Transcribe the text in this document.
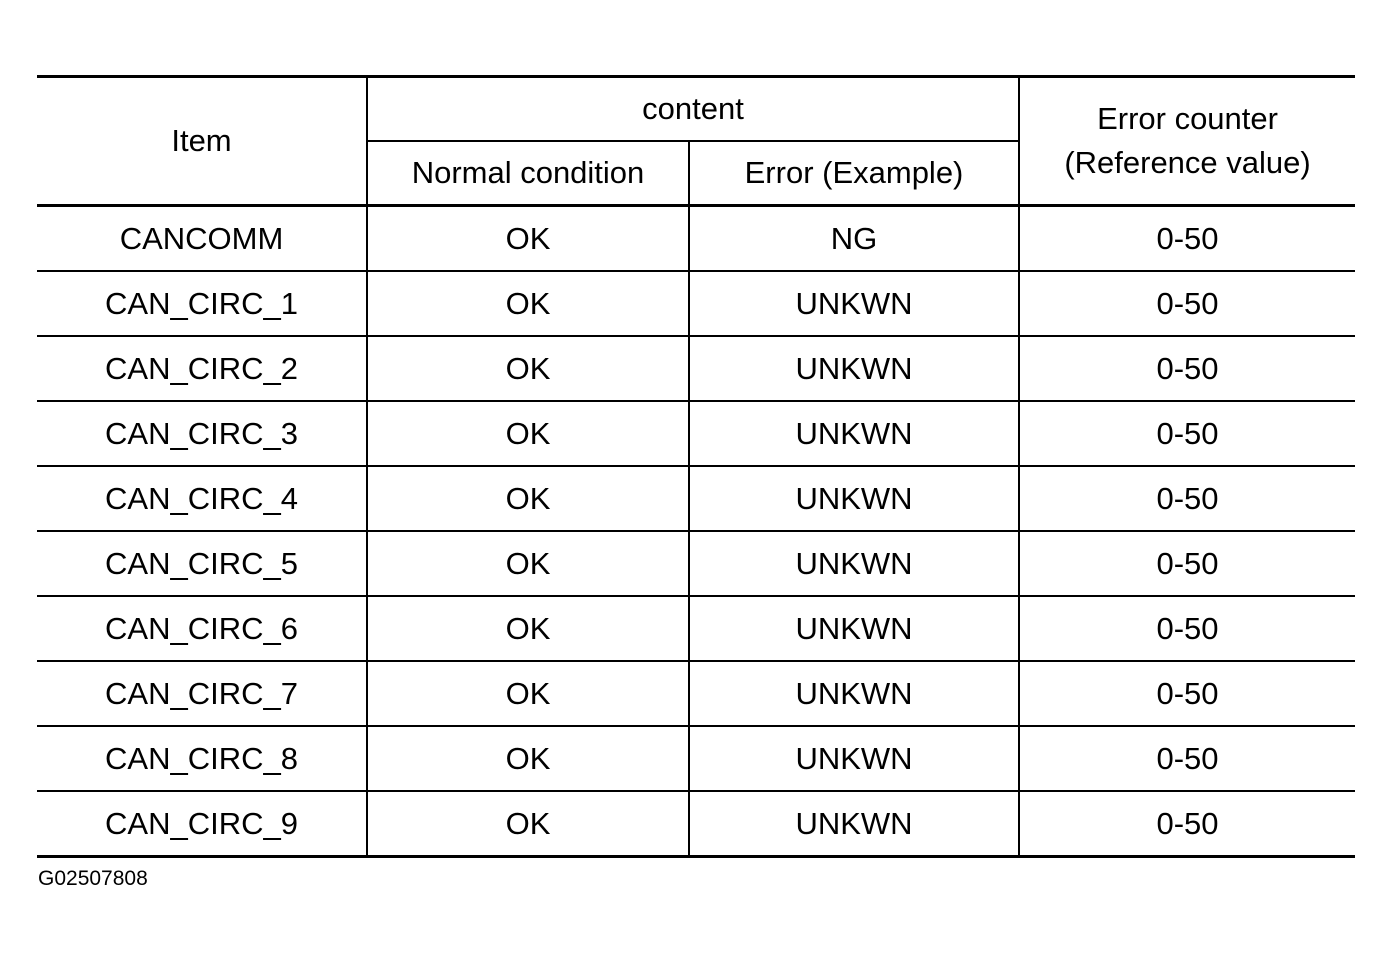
Item	content		Error counter
(Reference value)

	Normal condition	Error (Example)	
CANCOMM	OK	NG	0-50
CAN_CIRC_1	OK	UNKWN	0-50
CAN_CIRC_2	OK	UNKWN	0-50
CAN_CIRC_3	OK	UNKWN	0-50
CAN_CIRC_4	OK	UNKWN	0-50
CAN_CIRC_5	OK	UNKWN	0-50
CAN_CIRC_6	OK	UNKWN	0-50
CAN_CIRC_7	OK	UNKWN	0-50
CAN_CIRC_8	OK	UNKWN	0-50
CAN_CIRC_9	OK	UNKWN	0-50
G02507808
